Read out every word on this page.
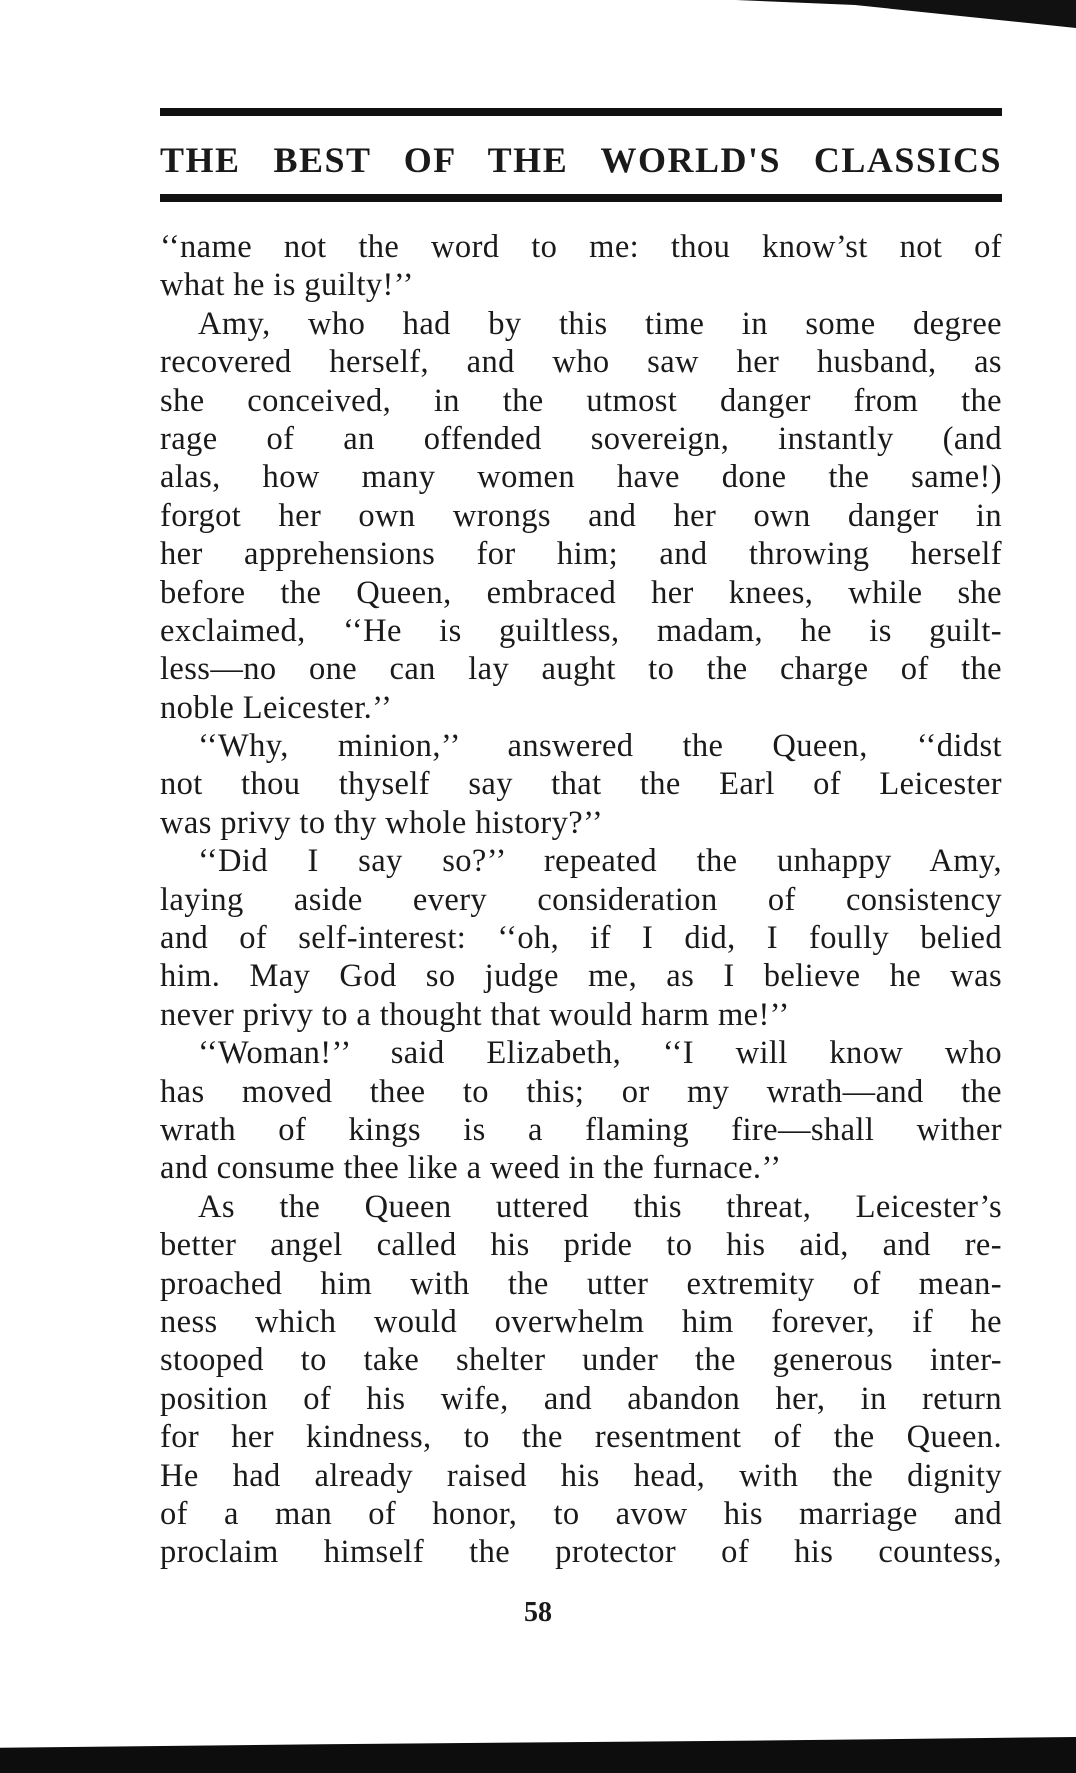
THE BEST OF THE WORLD'S CLASSICS
‘‘name not the word to me: thou know’st not of
what he is guilty!’’
Amy, who had by this time in some degree
recovered herself, and who saw her husband, as
she conceived, in the utmost danger from the
rage of an offended sovereign, instantly (and
alas, how many women have done the same!)
forgot her own wrongs and her own danger in
her apprehensions for him; and throwing herself
before the Queen, embraced her knees, while she
exclaimed, ‘‘He is guiltless, madam, he is guilt-
less—no one can lay aught to the charge of the
noble Leicester.’’
‘‘Why, minion,’’ answered the Queen, ‘‘didst
not thou thyself say that the Earl of Leicester
was privy to thy whole history?’’
‘‘Did I say so?’’ repeated the unhappy Amy,
laying aside every consideration of consistency
and of self-interest: ‘‘oh, if I did, I foully belied
him. May God so judge me, as I believe he was
never privy to a thought that would harm me!’’
‘‘Woman!’’ said Elizabeth, ‘‘I will know who
has moved thee to this; or my wrath—and the
wrath of kings is a flaming fire—shall wither
and consume thee like a weed in the furnace.’’
As the Queen uttered this threat, Leicester’s
better angel called his pride to his aid, and re-
proached him with the utter extremity of mean-
ness which would overwhelm him forever, if he
stooped to take shelter under the generous inter-
position of his wife, and abandon her, in return
for her kindness, to the resentment of the Queen.
He had already raised his head, with the dignity
of a man of honor, to avow his marriage and
proclaim himself the protector of his countess,
58
